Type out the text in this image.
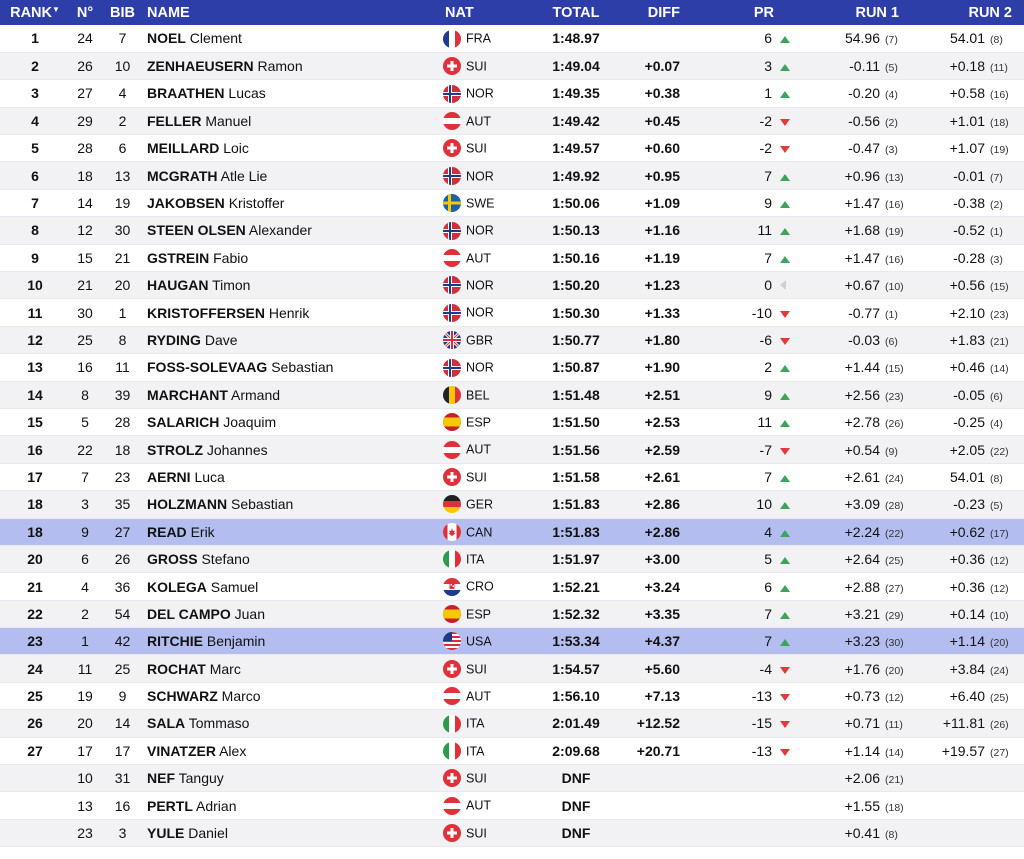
RANK▼	N°	BIB	NAME	NAT	TOTAL	DIFF	PR		RUN 1	RUN 2
1	24	7	NOEL Clement	FRA	1:48.97		6		54.96 (7)	54.01 (8)
2	26	10	ZENHAEUSERN Ramon	SUI	1:49.04	+0.07	3		-0.11 (5)	+0.18 (11)
3	27	4	BRAATHEN Lucas	NOR	1:49.35	+0.38	1		-0.20 (4)	+0.58 (16)
4	29	2	FELLER Manuel	AUT	1:49.42	+0.45	-2		-0.56 (2)	+1.01 (18)
5	28	6	MEILLARD Loic	SUI	1:49.57	+0.60	-2		-0.47 (3)	+1.07 (19)
6	18	13	MCGRATH Atle Lie	NOR	1:49.92	+0.95	7		+0.96 (13)	-0.01 (7)
7	14	19	JAKOBSEN Kristoffer	SWE	1:50.06	+1.09	9		+1.47 (16)	-0.38 (2)
8	12	30	STEEN OLSEN Alexander	NOR	1:50.13	+1.16	11		+1.68 (19)	-0.52 (1)
9	15	21	GSTREIN Fabio	AUT	1:50.16	+1.19	7		+1.47 (16)	-0.28 (3)
10	21	20	HAUGAN Timon	NOR	1:50.20	+1.23	0		+0.67 (10)	+0.56 (15)
11	30	1	KRISTOFFERSEN Henrik	NOR	1:50.30	+1.33	-10		-0.77 (1)	+2.10 (23)
12	25	8	RYDING Dave	GBR	1:50.77	+1.80	-6		-0.03 (6)	+1.83 (21)
13	16	11	FOSS-SOLEVAAG Sebastian	NOR	1:50.87	+1.90	2		+1.44 (15)	+0.46 (14)
14	8	39	MARCHANT Armand	BEL	1:51.48	+2.51	9		+2.56 (23)	-0.05 (6)
15	5	28	SALARICH Joaquim	ESP	1:51.50	+2.53	11		+2.78 (26)	-0.25 (4)
16	22	18	STROLZ Johannes	AUT	1:51.56	+2.59	-7		+0.54 (9)	+2.05 (22)
17	7	23	AERNI Luca	SUI	1:51.58	+2.61	7		+2.61 (24)	54.01 (8)
18	3	35	HOLZMANN Sebastian	GER	1:51.83	+2.86	10		+3.09 (28)	-0.23 (5)
18	9	27	READ Erik	CAN	1:51.83	+2.86	4		+2.24 (22)	+0.62 (17)
20	6	26	GROSS Stefano	ITA	1:51.97	+3.00	5		+2.64 (25)	+0.36 (12)
21	4	36	KOLEGA Samuel	CRO	1:52.21	+3.24	6		+2.88 (27)	+0.36 (12)
22	2	54	DEL CAMPO Juan	ESP	1:52.32	+3.35	7		+3.21 (29)	+0.14 (10)
23	1	42	RITCHIE Benjamin	USA	1:53.34	+4.37	7		+3.23 (30)	+1.14 (20)
24	11	25	ROCHAT Marc	SUI	1:54.57	+5.60	-4		+1.76 (20)	+3.84 (24)
25	19	9	SCHWARZ Marco	AUT	1:56.10	+7.13	-13		+0.73 (12)	+6.40 (25)
26	20	14	SALA Tommaso	ITA	2:01.49	+12.52	-15		+0.71 (11)	+11.81 (26)
27	17	17	VINATZER Alex	ITA	2:09.68	+20.71	-13		+1.14 (14)	+19.57 (27)
	10	31	NEF Tanguy	SUI	DNF				+2.06 (21)	
	13	16	PERTL Adrian	AUT	DNF				+1.55 (18)	
	23	3	YULE Daniel	SUI	DNF				+0.41 (8)	
